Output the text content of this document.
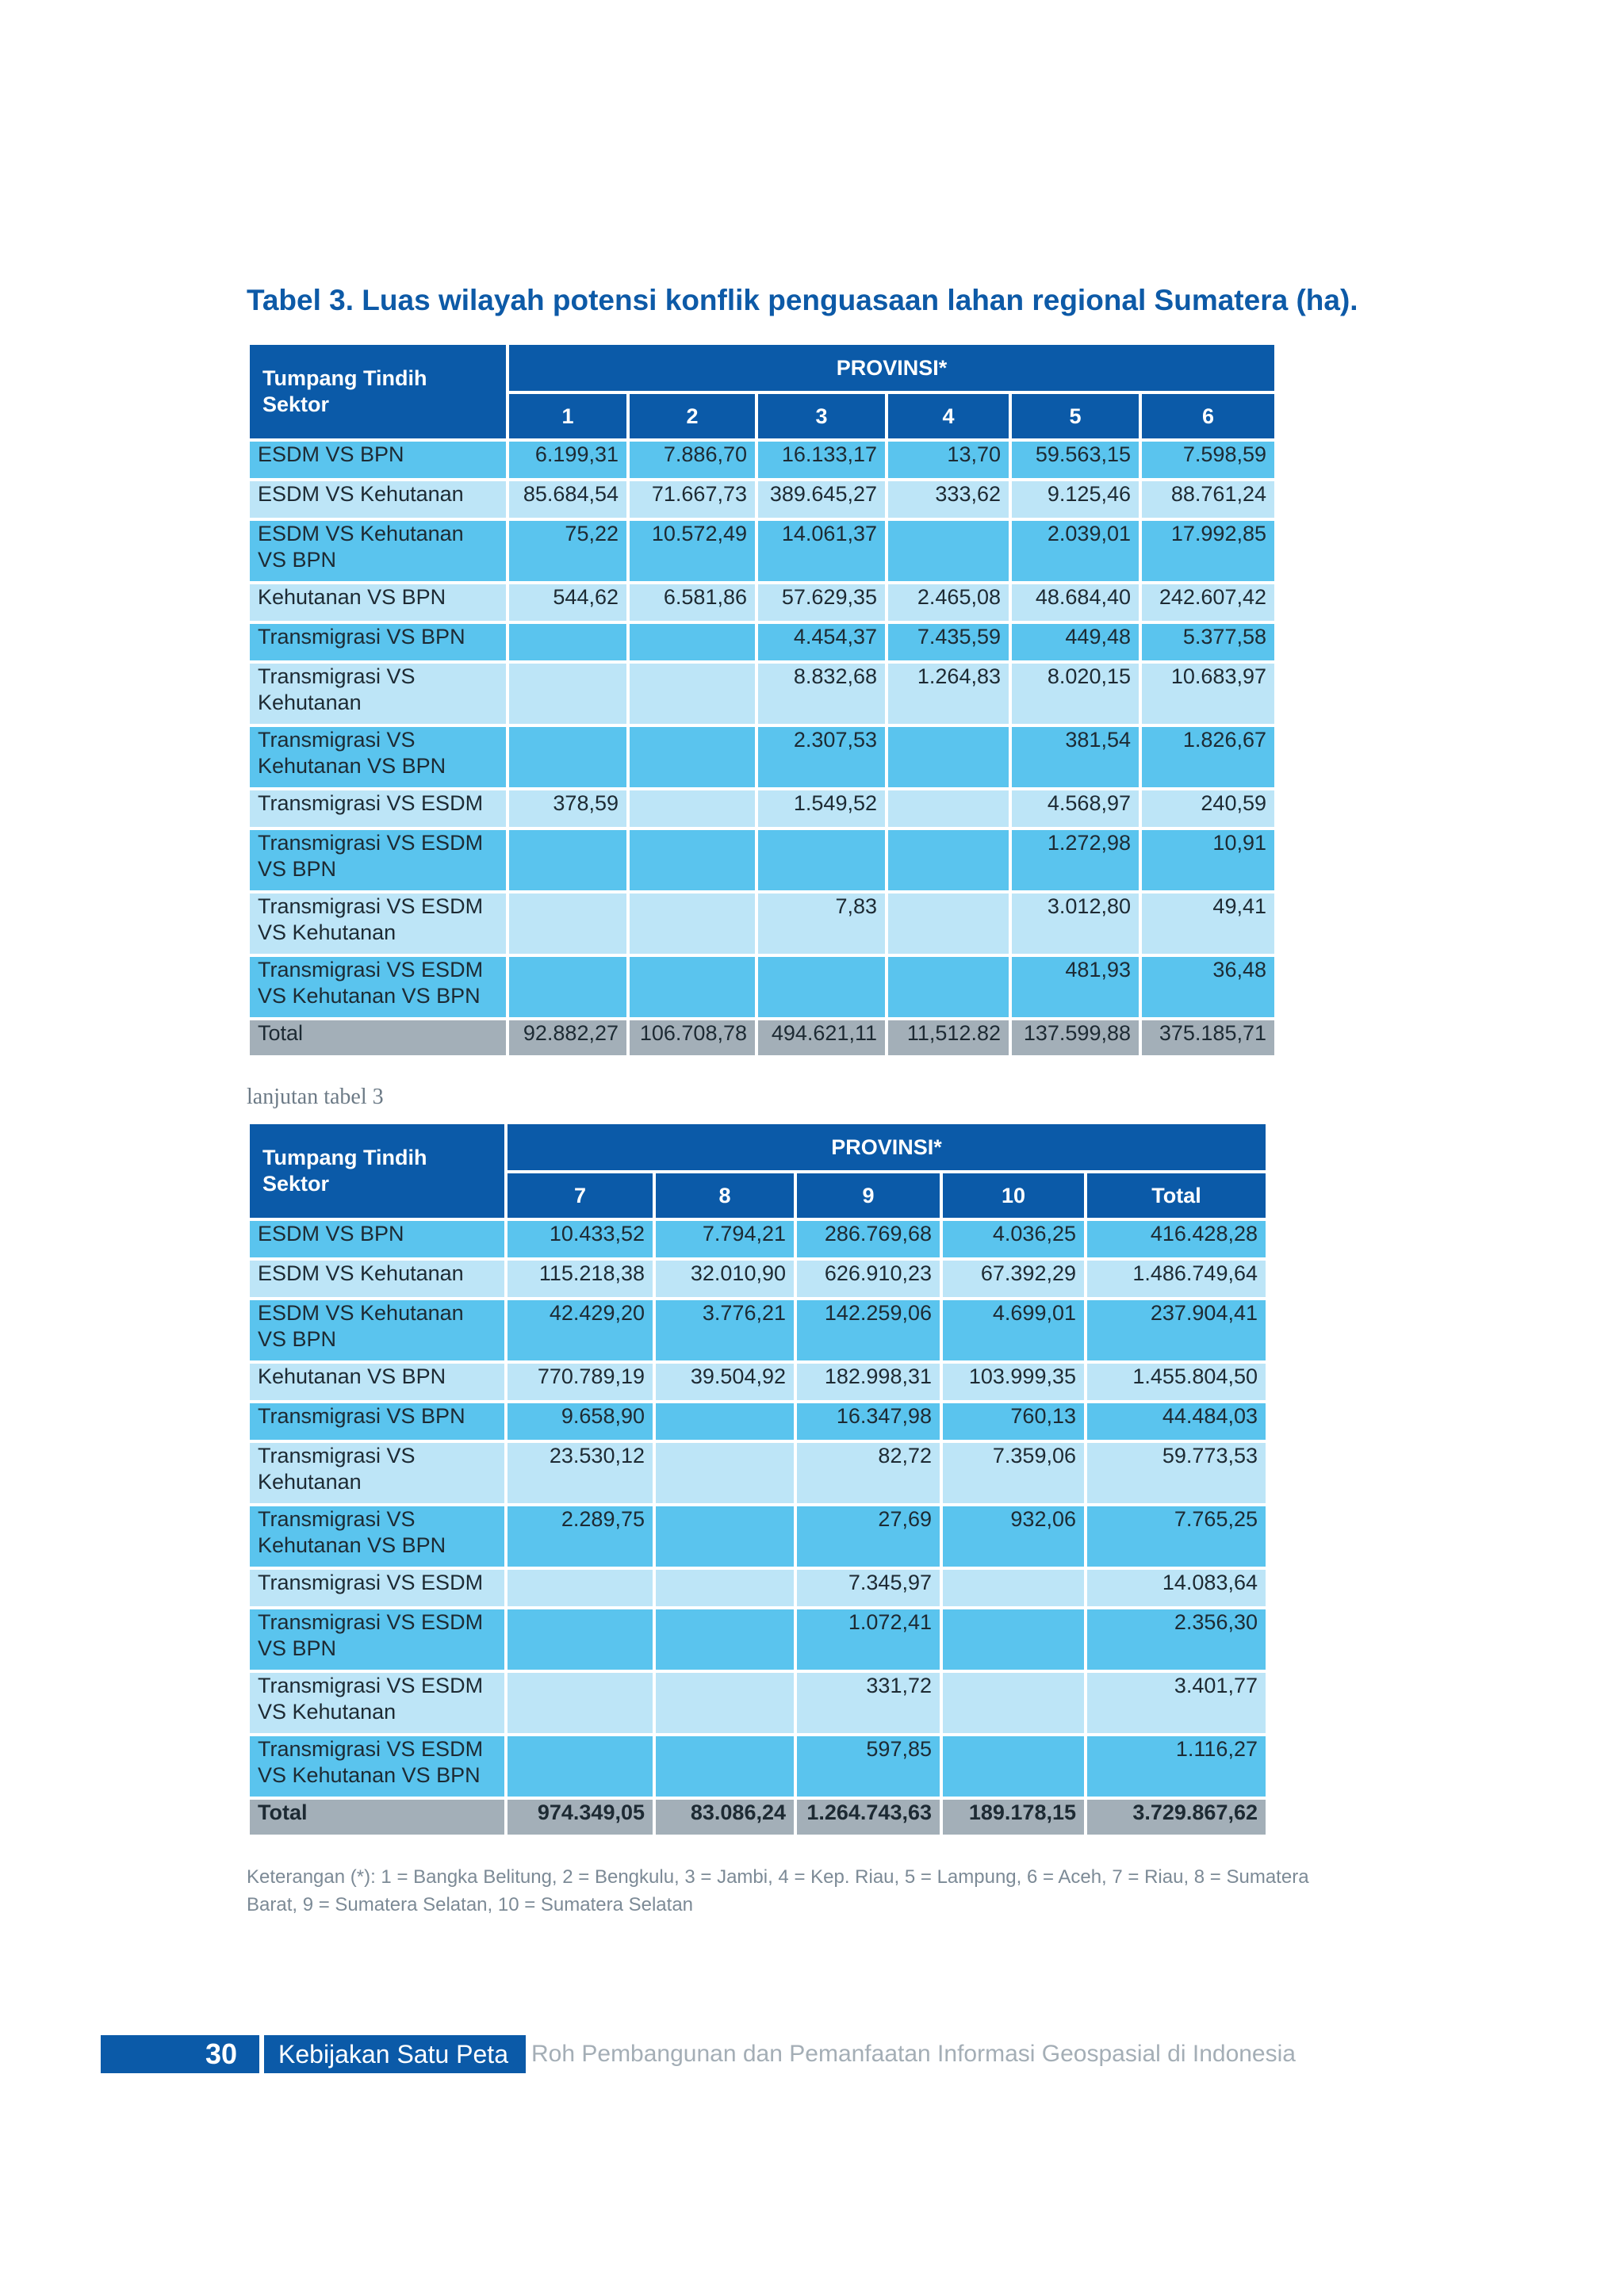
Tabel 3. Luas wilayah potensi konflik penguasaan lahan regional Sumatera (ha).
Tumpang Tindih Sektor	PROVINSI*					
	1	2	3	4	5	6
ESDM VS BPN	6.199,31	7.886,70	16.133,17	13,70	59.563,15	7.598,59
ESDM VS Kehutanan	85.684,54	71.667,73	389.645,27	333,62	9.125,46	88.761,24
ESDM VS Kehutanan VS BPN	75,22	10.572,49	14.061,37		2.039,01	17.992,85
Kehutanan VS BPN	544,62	6.581,86	57.629,35	2.465,08	48.684,40	242.607,42
Transmigrasi VS BPN			4.454,37	7.435,59	449,48	5.377,58
Transmigrasi VS Kehutanan			8.832,68	1.264,83	8.020,15	10.683,97
Transmigrasi VS Kehutanan VS BPN			2.307,53		381,54	1.826,67
Transmigrasi VS ESDM	378,59		1.549,52		4.568,97	240,59
Transmigrasi VS ESDM VS BPN					1.272,98	10,91
Transmigrasi VS ESDM VS Kehutanan			7,83		3.012,80	49,41
Transmigrasi VS ESDM VS Kehutanan VS BPN					481,93	36,48
Total	92.882,27	106.708,78	494.621,11	11,512.82	137.599,88	375.185,71
lanjutan tabel 3
Tumpang Tindih Sektor	PROVINSI*				
	7	8	9	10	Total
ESDM VS BPN	10.433,52	7.794,21	286.769,68	4.036,25	416.428,28
ESDM VS Kehutanan	115.218,38	32.010,90	626.910,23	67.392,29	1.486.749,64
ESDM VS Kehutanan VS BPN	42.429,20	3.776,21	142.259,06	4.699,01	237.904,41
Kehutanan VS BPN	770.789,19	39.504,92	182.998,31	103.999,35	1.455.804,50
Transmigrasi VS BPN	9.658,90		16.347,98	760,13	44.484,03
Transmigrasi VS Kehutanan	23.530,12		82,72	7.359,06	59.773,53
Transmigrasi VS Kehutanan VS BPN	2.289,75		27,69	932,06	7.765,25
Transmigrasi VS ESDM			7.345,97		14.083,64
Transmigrasi VS ESDM VS BPN			1.072,41		2.356,30
Transmigrasi VS ESDM VS Kehutanan			331,72		3.401,77
Transmigrasi VS ESDM VS Kehutanan VS BPN			597,85		1.116,27
Total	974.349,05	83.086,24	1.264.743,63	189.178,15	3.729.867,62
Keterangan (*): 1 = Bangka Belitung, 2 = Bengkulu, 3 = Jambi, 4 = Kep. Riau, 5 = Lampung, 6 = Aceh, 7 = Riau, 8 = Sumatera Barat, 9 = Sumatera Selatan, 10 = Sumatera Selatan
30	Kebijakan Satu Peta Roh Pembangunan dan Pemanfaatan Informasi Geospasial di Indonesia
